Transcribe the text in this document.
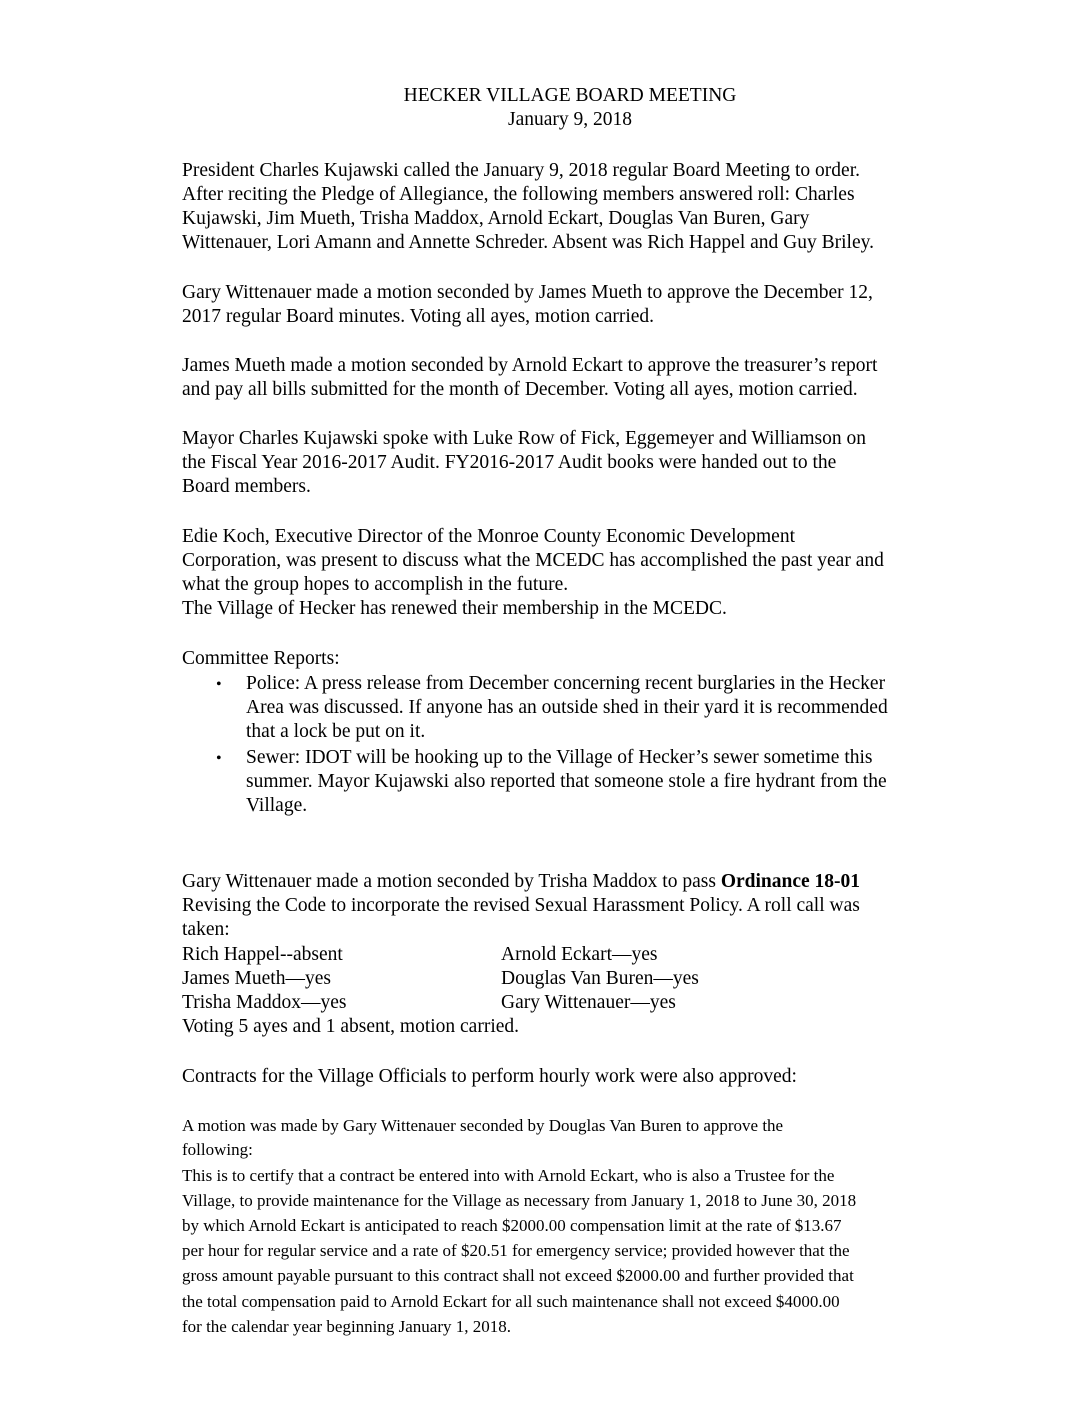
HECKER VILLAGE BOARD MEETING

January 9, 2018

President Charles Kujawski called the January 9, 2018 regular Board Meeting to order.

After reciting the Pledge of Allegiance, the following members answered roll: Charles

Kujawski, Jim Mueth, Trisha Maddox, Arnold Eckart, Douglas Van Buren, Gary

Wittenauer, Lori Amann and Annette Schreder. Absent was Rich Happel and Guy Briley.

Gary Wittenauer made a motion seconded by James Mueth to approve the December 12,

2017 regular Board minutes. Voting all ayes, motion carried.

James Mueth made a motion seconded by Arnold Eckart to approve the treasurer’s report

and pay all bills submitted for the month of December. Voting all ayes, motion carried.

Mayor Charles Kujawski spoke with Luke Row of Fick, Eggemeyer and Williamson on

the Fiscal Year 2016-2017 Audit. FY2016-2017 Audit books were handed out to the

Board members.

Edie Koch, Executive Director of the Monroe County Economic Development

Corporation, was present to discuss what the MCEDC has accomplished the past year and

what the group hopes to accomplish in the future.

The Village of Hecker has renewed their membership in the MCEDC.

Committee Reports:

• Police: A press release from December concerning recent burglaries in the Hecker

Area was discussed. If anyone has an outside shed in their yard it is recommended

that a lock be put on it.

• Sewer: IDOT will be hooking up to the Village of Hecker’s sewer sometime this

summer. Mayor Kujawski also reported that someone stole a fire hydrant from the

Village.

Gary Wittenauer made a motion seconded by Trisha Maddox to pass Ordinance 18-01

Revising the Code to incorporate the revised Sexual Harassment Policy. A roll call was

taken:

Rich Happel--absent	Arnold Eckart—yes

James Mueth—yes	Douglas Van Buren—yes

Trisha Maddox—yes	Gary Wittenauer—yes

Voting 5 ayes and 1 absent, motion carried.

Contracts for the Village Officials to perform hourly work were also approved:

A motion was made by Gary Wittenauer seconded by Douglas Van Buren to approve the

following:

This is to certify that a contract be entered into with Arnold Eckart, who is also a Trustee for the

Village, to provide maintenance for the Village as necessary from January 1, 2018 to June 30, 2018

by which Arnold Eckart is anticipated to reach $2000.00 compensation limit at the rate of $13.67

per hour for regular service and a rate of $20.51 for emergency service; provided however that the

gross amount payable pursuant to this contract shall not exceed $2000.00 and further provided that

the total compensation paid to Arnold Eckart for all such maintenance shall not exceed $4000.00

for the calendar year beginning January 1, 2018.
